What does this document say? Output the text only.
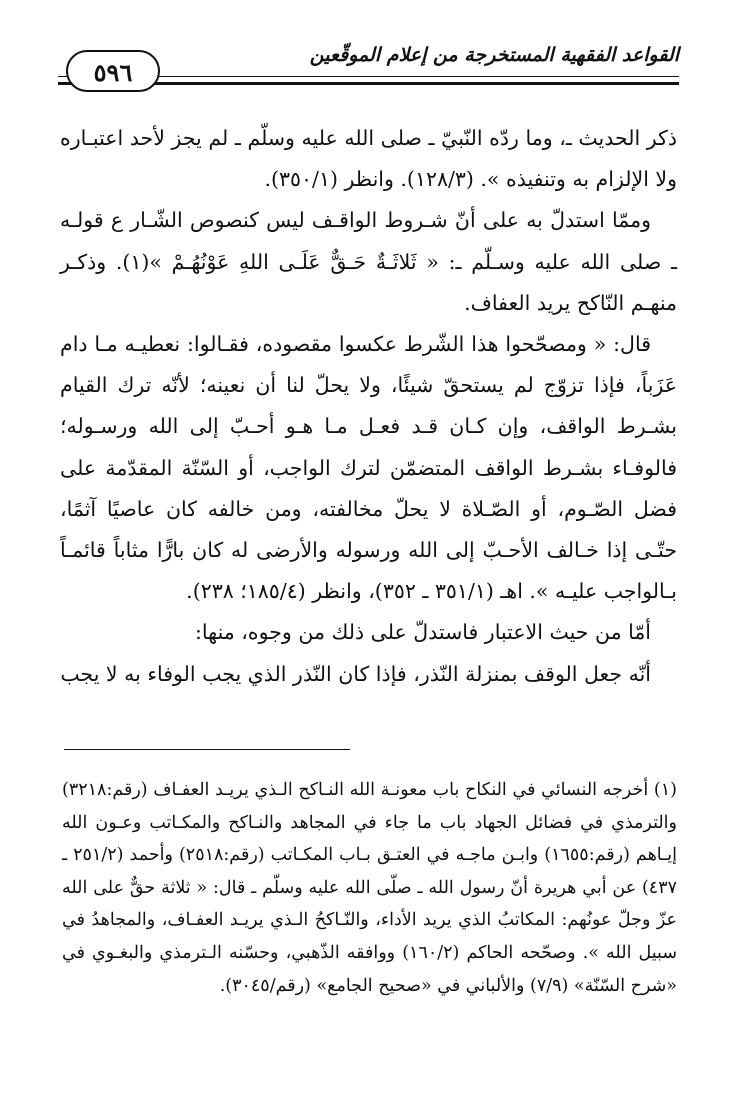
القواعد الفقهية المستخرجة من إعلام الموقّعين
٥٩٦

ذكر الحديث ـ، وما ردّه النّبيّ ـ صلى الله عليه وسلّم ـ لم يجز لأحد اعتبـاره ولا الإلزام به وتنفيذه ». (١٢٨/٣). وانظر (٣٥٠/١).

وممّا استدلّ به على أنّ شـروط الواقـف ليس كنصوص الشّـار ع قولـه ـ صلى الله عليه وسـلّم ـ: « ثَلاثَـةٌ حَـقٌّ عَلَـى اللهِ عَوْنُهُـمْ »(١). وذكـر منهـم النّاكح يريد العفاف.

قال: « ومصحّحوا هذا الشّرط عكسوا مقصوده، فقـالوا: نعطيـه مـا دام عَزَباً، فإذا تزوّج لم يستحقّ شيئًا، ولا يحلّ لنا أن نعينه؛ لأنّه ترك القيام بشـرط الواقف، وإن كـان قـد فعـل مـا هـو أحـبّ إلى الله ورسـوله؛ فالوفـاء بشـرط الواقف المتضمّن لترك الواجب، أو السّنّة المقدّمة على فضل الصّـوم، أو الصّـلاة لا يحلّ مخالفته، ومن خالفه كان عاصيًا آثمًا، حتّـى إذا خـالف الأحـبّ إلى الله ورسوله والأرضى له كان بارًّا مثاباً قائمـاً بـالواجب عليـه ». اهـ (٣٥١/١ ـ ٣٥٢)، وانظر (١٨٥/٤؛ ٢٣٨).

أمّا من حيث الاعتبار فاستدلّ على ذلك من وجوه، منها:

أنّه جعل الوقف بمنزلة النّذر، فإذا كان النّذر الذي يجب الوفاء به لا يجب

(١) أخرجه النسائي في النكاح باب معونـة الله النـاكح الـذي يريـد العفـاف (رقم:٣٢١٨) والترمذي في فضائل الجهاد باب ما جاء في المجاهد والنـاكح والمكـاتب وعـون الله إيـاهم (رقم:١٦٥٥) وابـن ماجـه في العتـق بـاب المكـاتب (رقم:٢٥١٨) وأحمد (٢٥١/٢ ـ ٤٣٧) عن أبي هريرة أنّ رسول الله ـ صلّى الله عليه وسلّم ـ قال: « ثلاثة حقٌّ على الله عزّ وجلّ عونُهم: المكاتبُ الذي يريد الأداء، والنّـاكحُ الـذي يريـد العفـاف، والمجاهدُ في سبيل الله ». وصحّحه الحاكم (١٦٠/٢) ووافقه الذّهبي، وحسّنه الـترمذي والبغـوي في «شرح السّنّة» (٧/٩) والألباني في «صحيح الجامع» (رقم/٣٠٤٥).
